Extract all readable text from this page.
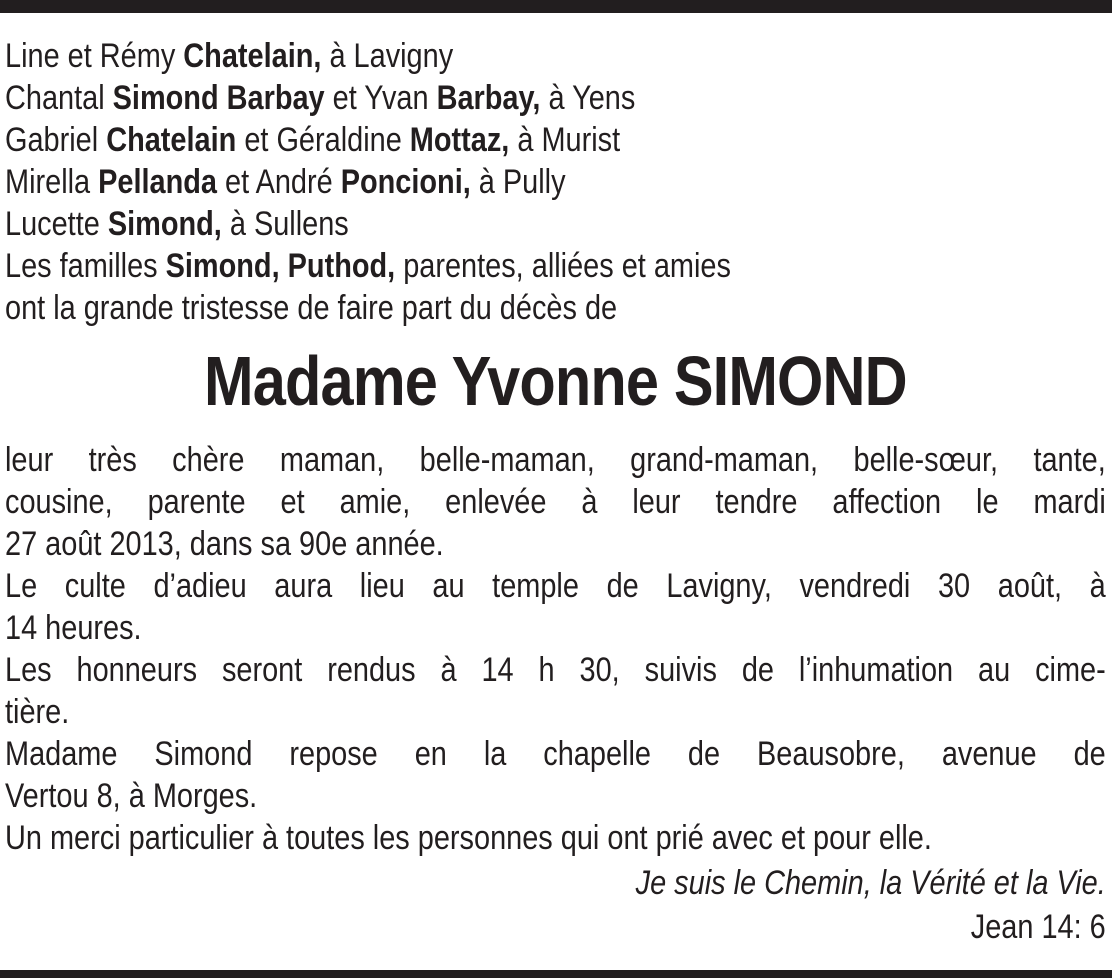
Line et Rémy Chatelain, à Lavigny
Chantal Simond Barbay et Yvan Barbay, à Yens
Gabriel Chatelain et Géraldine Mottaz, à Murist
Mirella Pellanda et André Poncioni, à Pully
Lucette Simond, à Sullens
Les familles Simond, Puthod, parentes, alliées et amies
ont la grande tristesse de faire part du décès de
Madame Yvonne SIMOND
leur très chère maman, belle-maman, grand-maman, belle-sœur, tante,
cousine, parente et amie, enlevée à leur tendre affection le mardi
27 août 2013, dans sa 90e année.
Le culte d’adieu aura lieu au temple de Lavigny, vendredi 30 août, à
14 heures.
Les honneurs seront rendus à 14 h 30, suivis de l’inhumation au cime-
tière.
Madame Simond repose en la chapelle de Beausobre, avenue de
Vertou 8, à Morges.
Un merci particulier à toutes les personnes qui ont prié avec et pour elle.
Je suis le Chemin, la Vérité et la Vie.
Jean 14: 6
